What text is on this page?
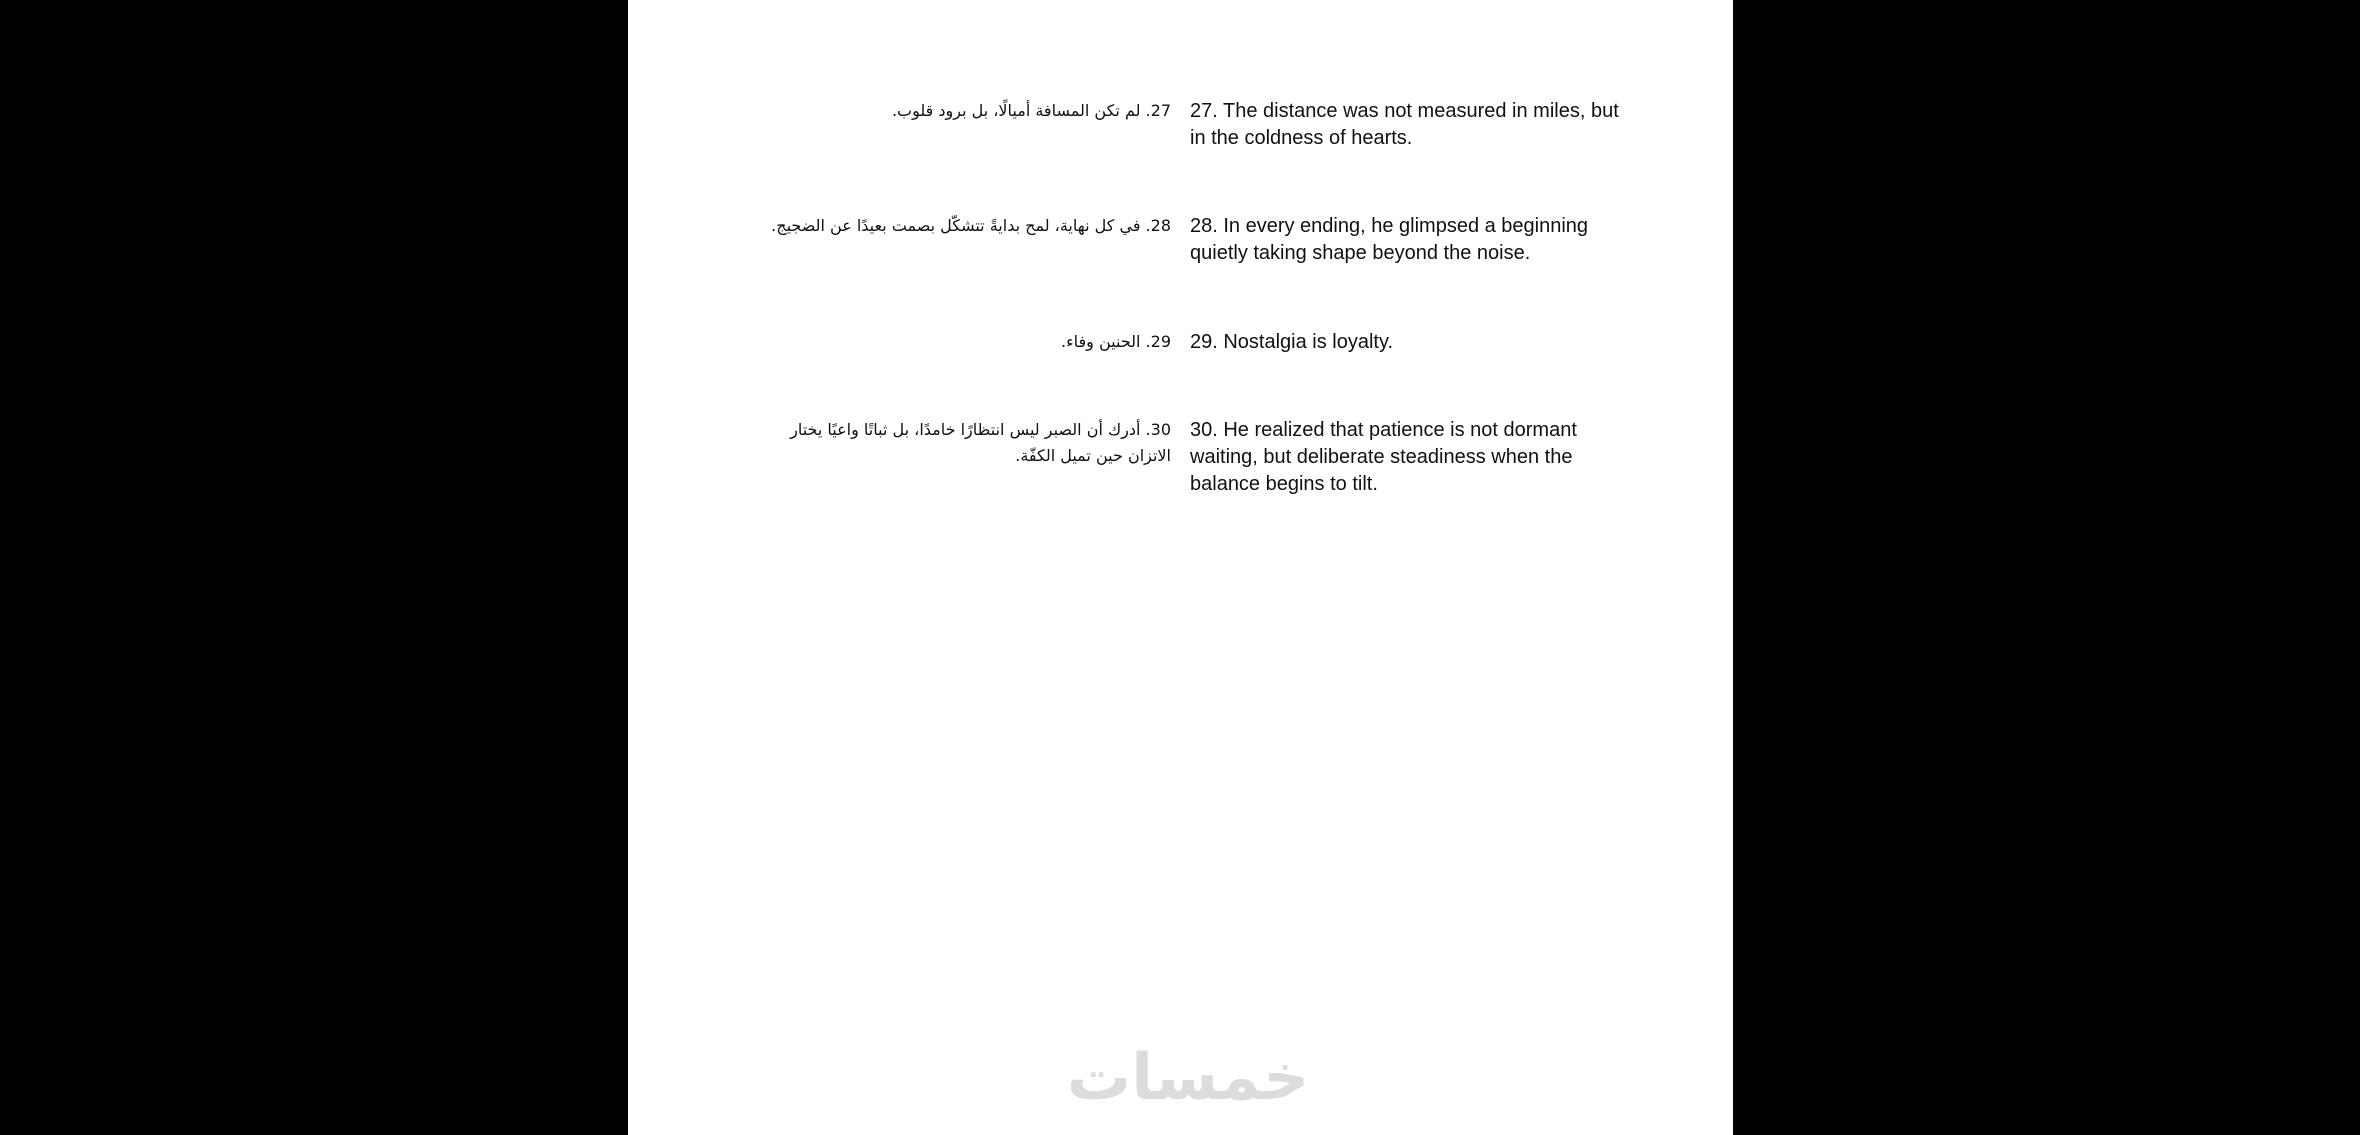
27. لم تكن المسافة أميالًا، بل برود قلوب. 27. The distance was not measured in miles, but in the coldness of hearts.
28. في كل نهاية، لمح بدايةً تتشكّل بصمت بعيدًا عن الضجيج. 28. In every ending, he glimpsed a beginning quietly taking shape beyond the noise.
29. الحنين وفاء. 29. Nostalgia is loyalty.
30. أدرك أن الصبر ليس انتظارًا خامدًا، بل ثباتًا واعيًا يختار الاتزان حين تميل الكفّة.
30. He realized that patience is not dormant waiting, but deliberate steadiness when the balance begins to tilt.
خمسات
